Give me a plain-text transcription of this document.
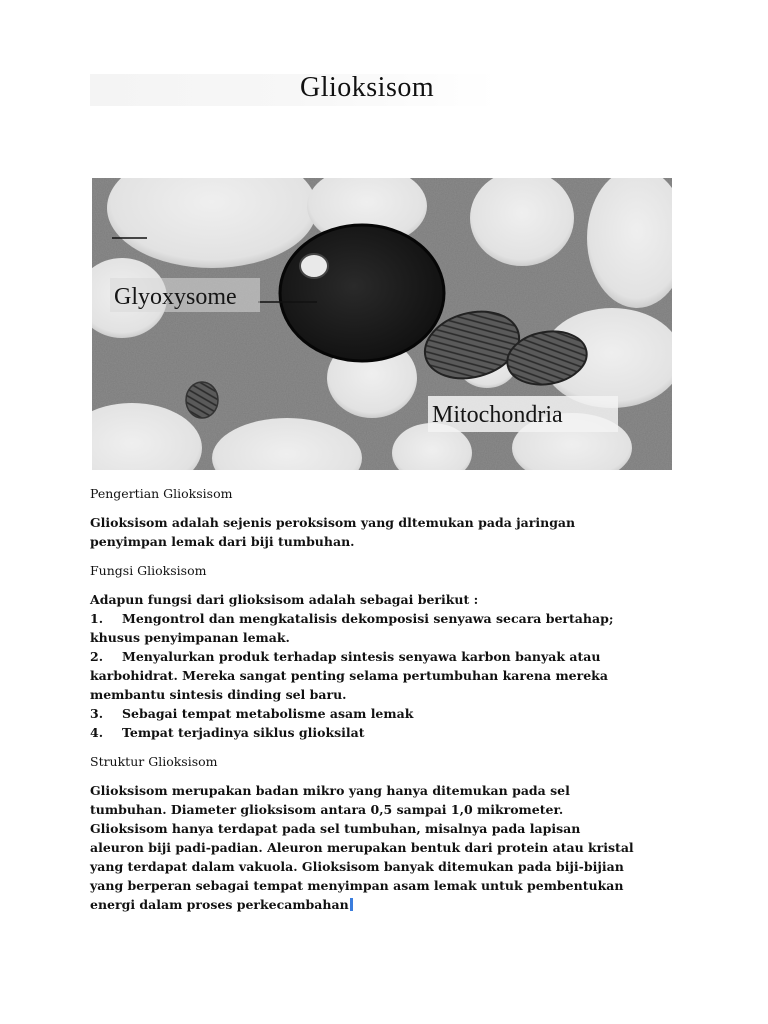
Glioksisom
Glyoxysome
Mitochondria

Pengertian Glioksisom

Glioksisom adalah sejenis peroksisom yang dltemukan pada jaringan

penyimpan lemak dari biji tumbuhan.

Fungsi Glioksisom

Adapun fungsi dari glioksisom adalah sebagai berikut :

1. Mengontrol dan mengkatalisis dekomposisi senyawa secara bertahap;

khusus penyimpanan lemak.

2. Menyalurkan produk terhadap sintesis senyawa karbon banyak atau

karbohidrat. Mereka sangat penting selama pertumbuhan karena mereka

membantu sintesis dinding sel baru.

3. Sebagai tempat metabolisme asam lemak

4. Tempat terjadinya siklus glioksilat

Struktur Glioksisom

Glioksisom merupakan badan mikro yang hanya ditemukan pada sel

tumbuhan. Diameter glioksisom antara 0,5 sampai 1,0 mikrometer.

Glioksisom hanya terdapat pada sel tumbuhan, misalnya pada lapisan

aleuron biji padi-padian. Aleuron merupakan bentuk dari protein atau kristal

yang terdapat dalam vakuola. Glioksisom banyak ditemukan pada biji-bijian

yang berperan sebagai tempat menyimpan asam lemak untuk pembentukan

energi dalam proses perkecambahan
